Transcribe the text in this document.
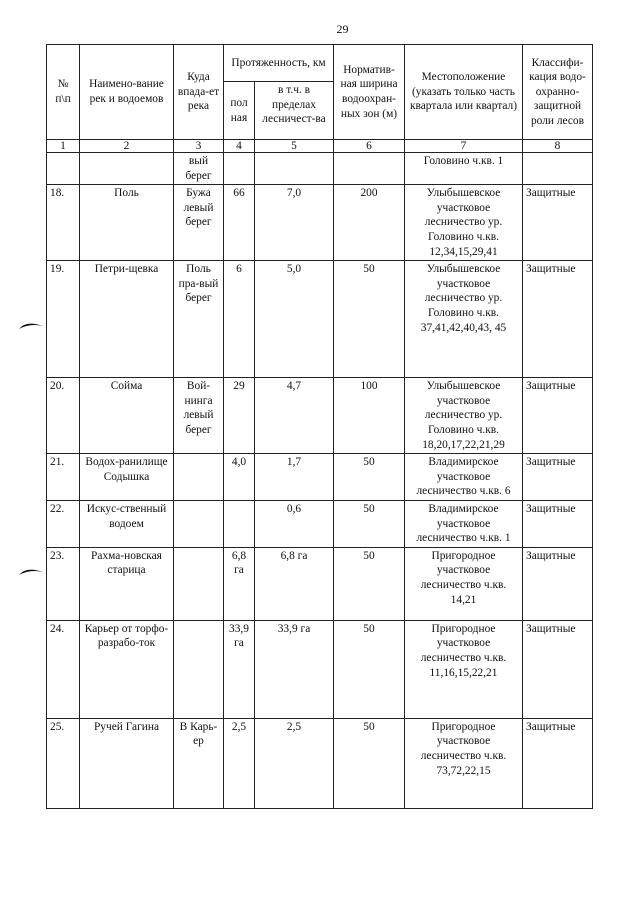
29
№ п\п	Наимено-вание рек и водоемов	Куда впада-ет река	Протяженность, км		Норматив-ная ширина водоохран-ных зон (м)	Местоположение (указать только часть квартала или квартал)	Классифи-кация водо-охранно-защитной роли лесов
			пол ная	в т.ч. в пределах лесничест-ва			
1	2	3	4	5	6	7	8
		вый берег				Головино ч.кв. 1	
18.	Поль	Бужа левый берег	66	7,0	200	Улыбышевское участковое лесничество ур. Головино ч.кв. 12,34,15,29,41	Защитные
19.	Петри-щевка	Поль пра-вый берег	6	5,0	50	Улыбышевское участковое лесничество ур. Головино ч.кв. 37,41,42,40,43, 45	Защитные
20.	Сойма	Вой-нинга левый берег	29	4,7	100	Улыбышевское участковое лесничество ур. Головино ч.кв. 18,20,17,22,21,29	Защитные
21.	Водох-ранилище Содышка		4,0	1,7	50	Владимирское участковое лесничество ч.кв. 6	Защитные
22.	Искус-ственный водоем			0,6	50	Владимирское участковое лесничество ч.кв. 1	Защитные
23.	Рахма-новская старица		6,8 га	6,8 га	50	Пригородное участковое лесничество ч.кв. 14,21	Защитные
24.	Карьер от торфо-разрабо-ток		33,9 га	33,9 га	50	Пригородное участковое лесничество ч.кв. 11,16,15,22,21	Защитные
25.	Ручей Гагина	В Карь-ер	2,5	2,5	50	Пригородное участковое лесничество ч.кв. 73,72,22,15	Защитные
